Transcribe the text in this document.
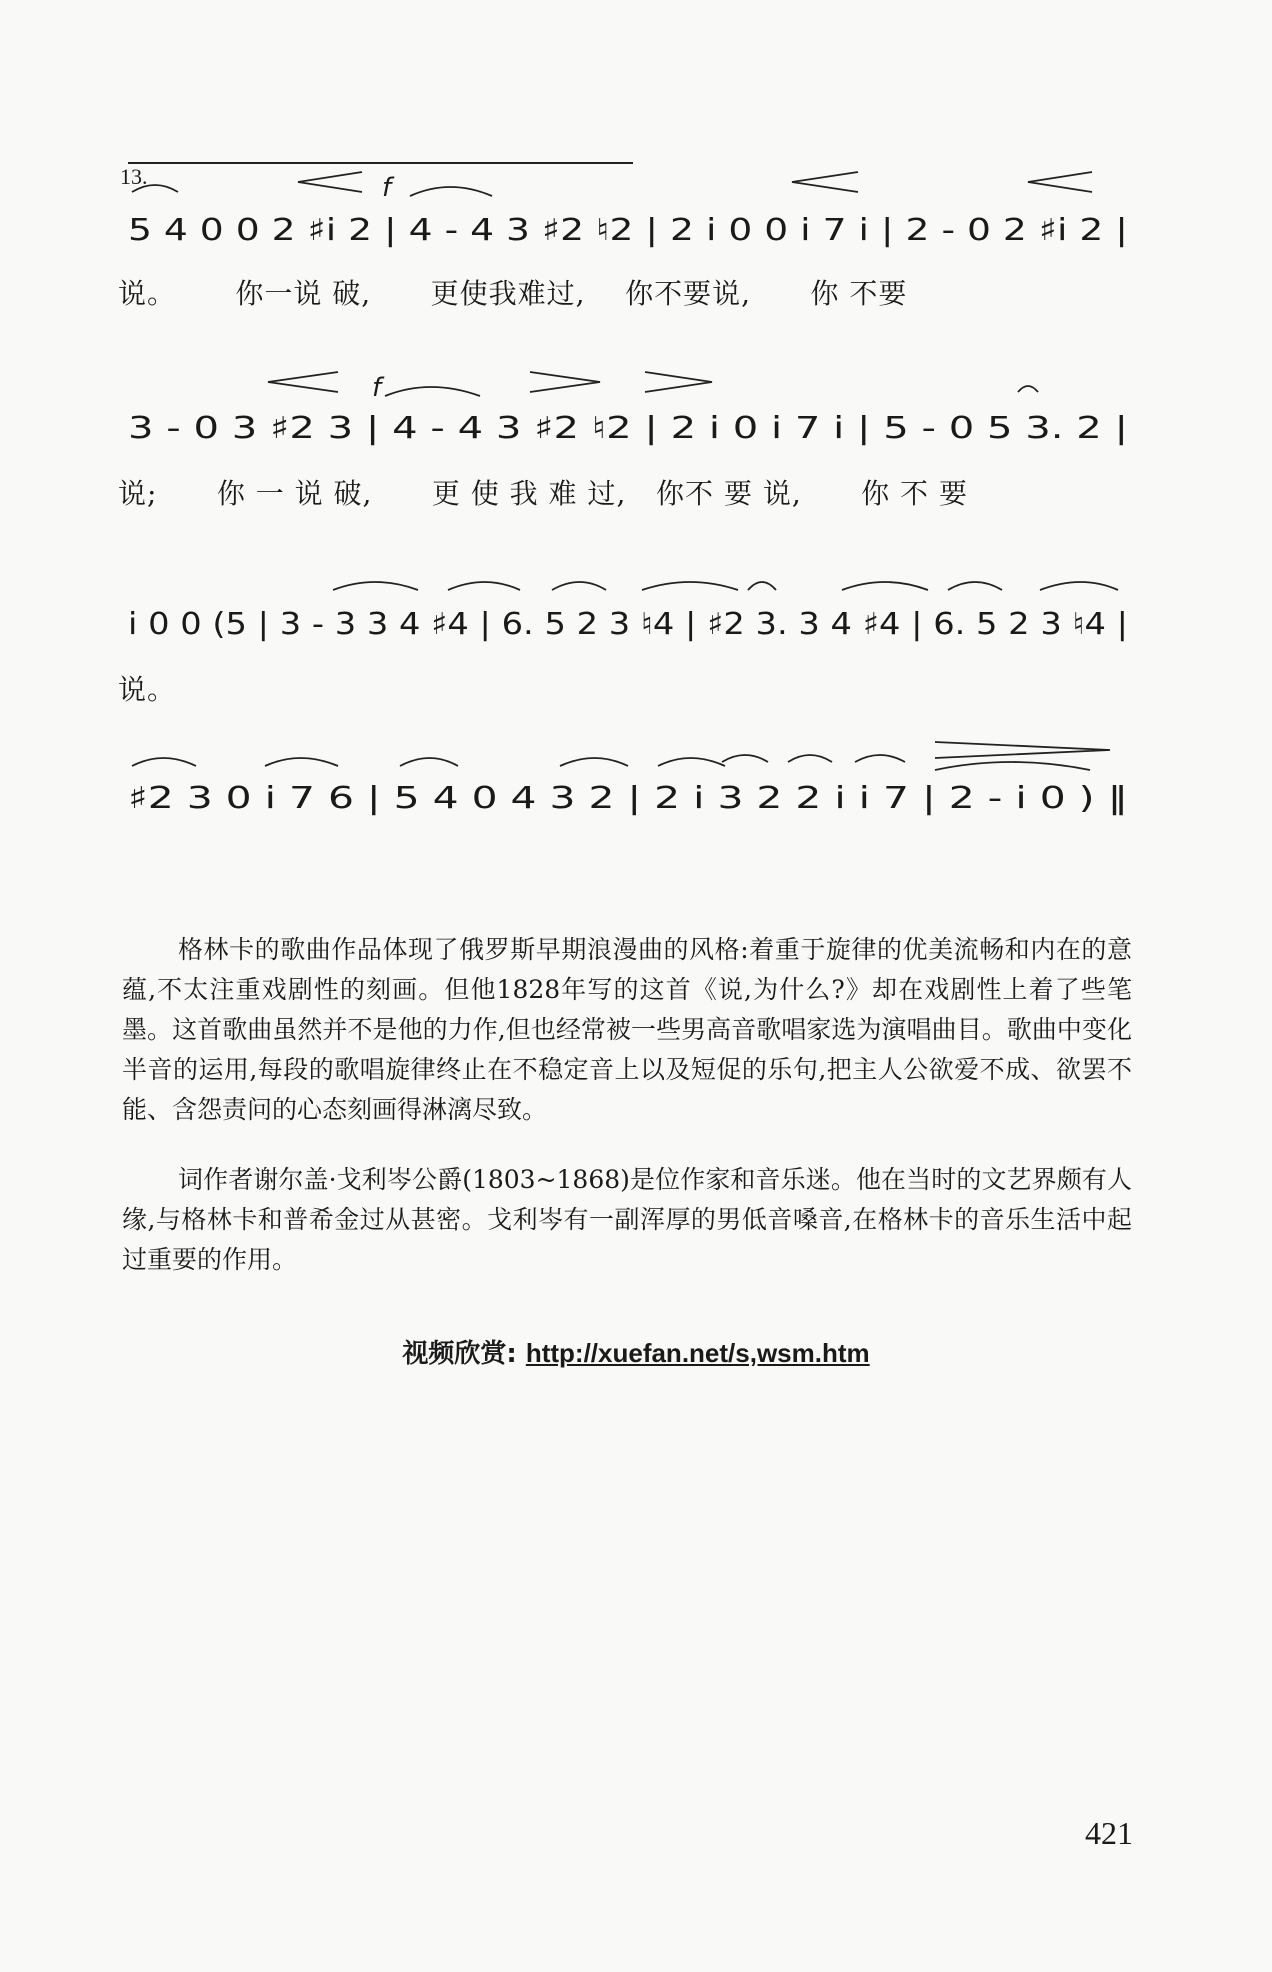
13.	f
f
5 4 0 0 2 ♯i 2 | 4 - 4 3 ♯2 ♮2 | 2 i 0 0 i 7 i | 2 - 0 2 ♯i 2 |
3 - 0 3 ♯2 3 | 4 - 4 3 ♯2 ♮2 | 2 i 0 i 7 i | 5 - 0 5 3. 2 |
i 0 0 (5 | 3 - 3 3 4 ♯4 | 6. 5 2 3 ♮4 | ♯2 3. 3 4 ♯4 | 6. 5 2 3 ♮4 |
♯2 3 0 i 7 6 | 5 4 0 4 3 2 | 2 i 3 2 2 i i 7 | 2 - i 0 ) ‖
说。      你一说 破,      更使我难过,    你不要说,      你 不要
说;      你 一 说 破,      更 使 我 难 过,   你不 要 说,      你 不 要
说。

格林卡的歌曲作品体现了俄罗斯早期浪漫曲的风格:着重于旋律的优美流畅和内在的意蕴,不太注重戏剧性的刻画。但他1828年写的这首《说,为什么?》却在戏剧性上着了些笔墨。这首歌曲虽然并不是他的力作,但也经常被一些男高音歌唱家选为演唱曲目。歌曲中变化半音的运用,每段的歌唱旋律终止在不稳定音上以及短促的乐句,把主人公欲爱不成、欲罢不能、含怨责问的心态刻画得淋漓尽致。

词作者谢尔盖·戈利岑公爵(1803~1868)是位作家和音乐迷。他在当时的文艺界颇有人缘,与格林卡和普希金过从甚密。戈利岑有一副浑厚的男低音嗓音,在格林卡的音乐生活中起过重要的作用。

视频欣赏: http://xuefan.net/s,wsm.htm
421
